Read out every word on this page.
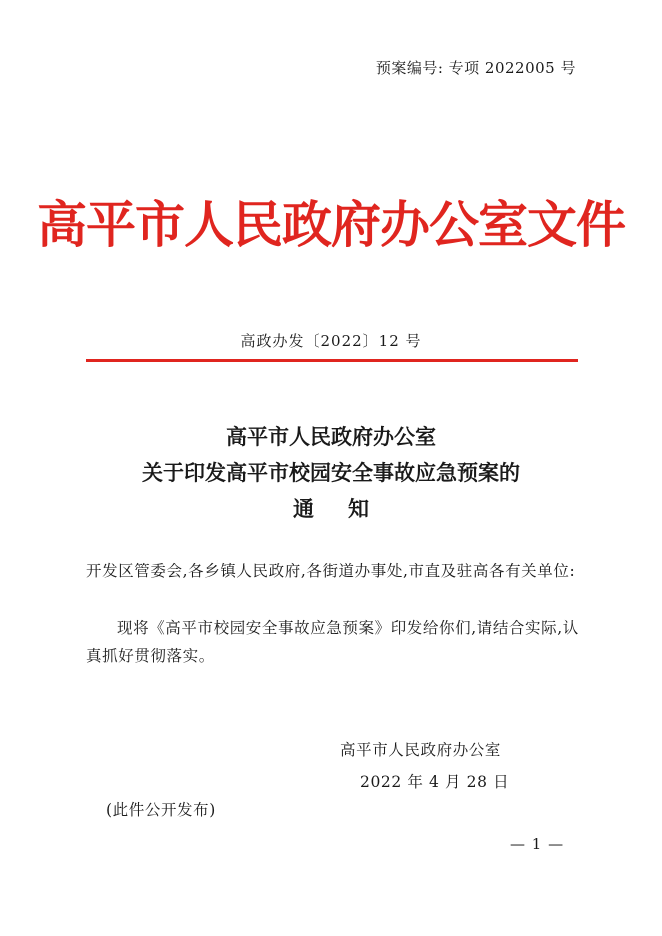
预案编号: 专项 2022005 号
高平市人民政府办公室文件
高政办发〔2022〕12 号
高平市人民政府办公室
关于印发高平市校园安全事故应急预案的
通知
开发区管委会,各乡镇人民政府,各街道办事处,市直及驻高各有关单位:
现将《高平市校园安全事故应急预案》印发给你们,请结合实际,认真抓好贯彻落实。
高平市人民政府办公室
2022 年 4 月 28 日
(此件公开发布)
— 1 —
